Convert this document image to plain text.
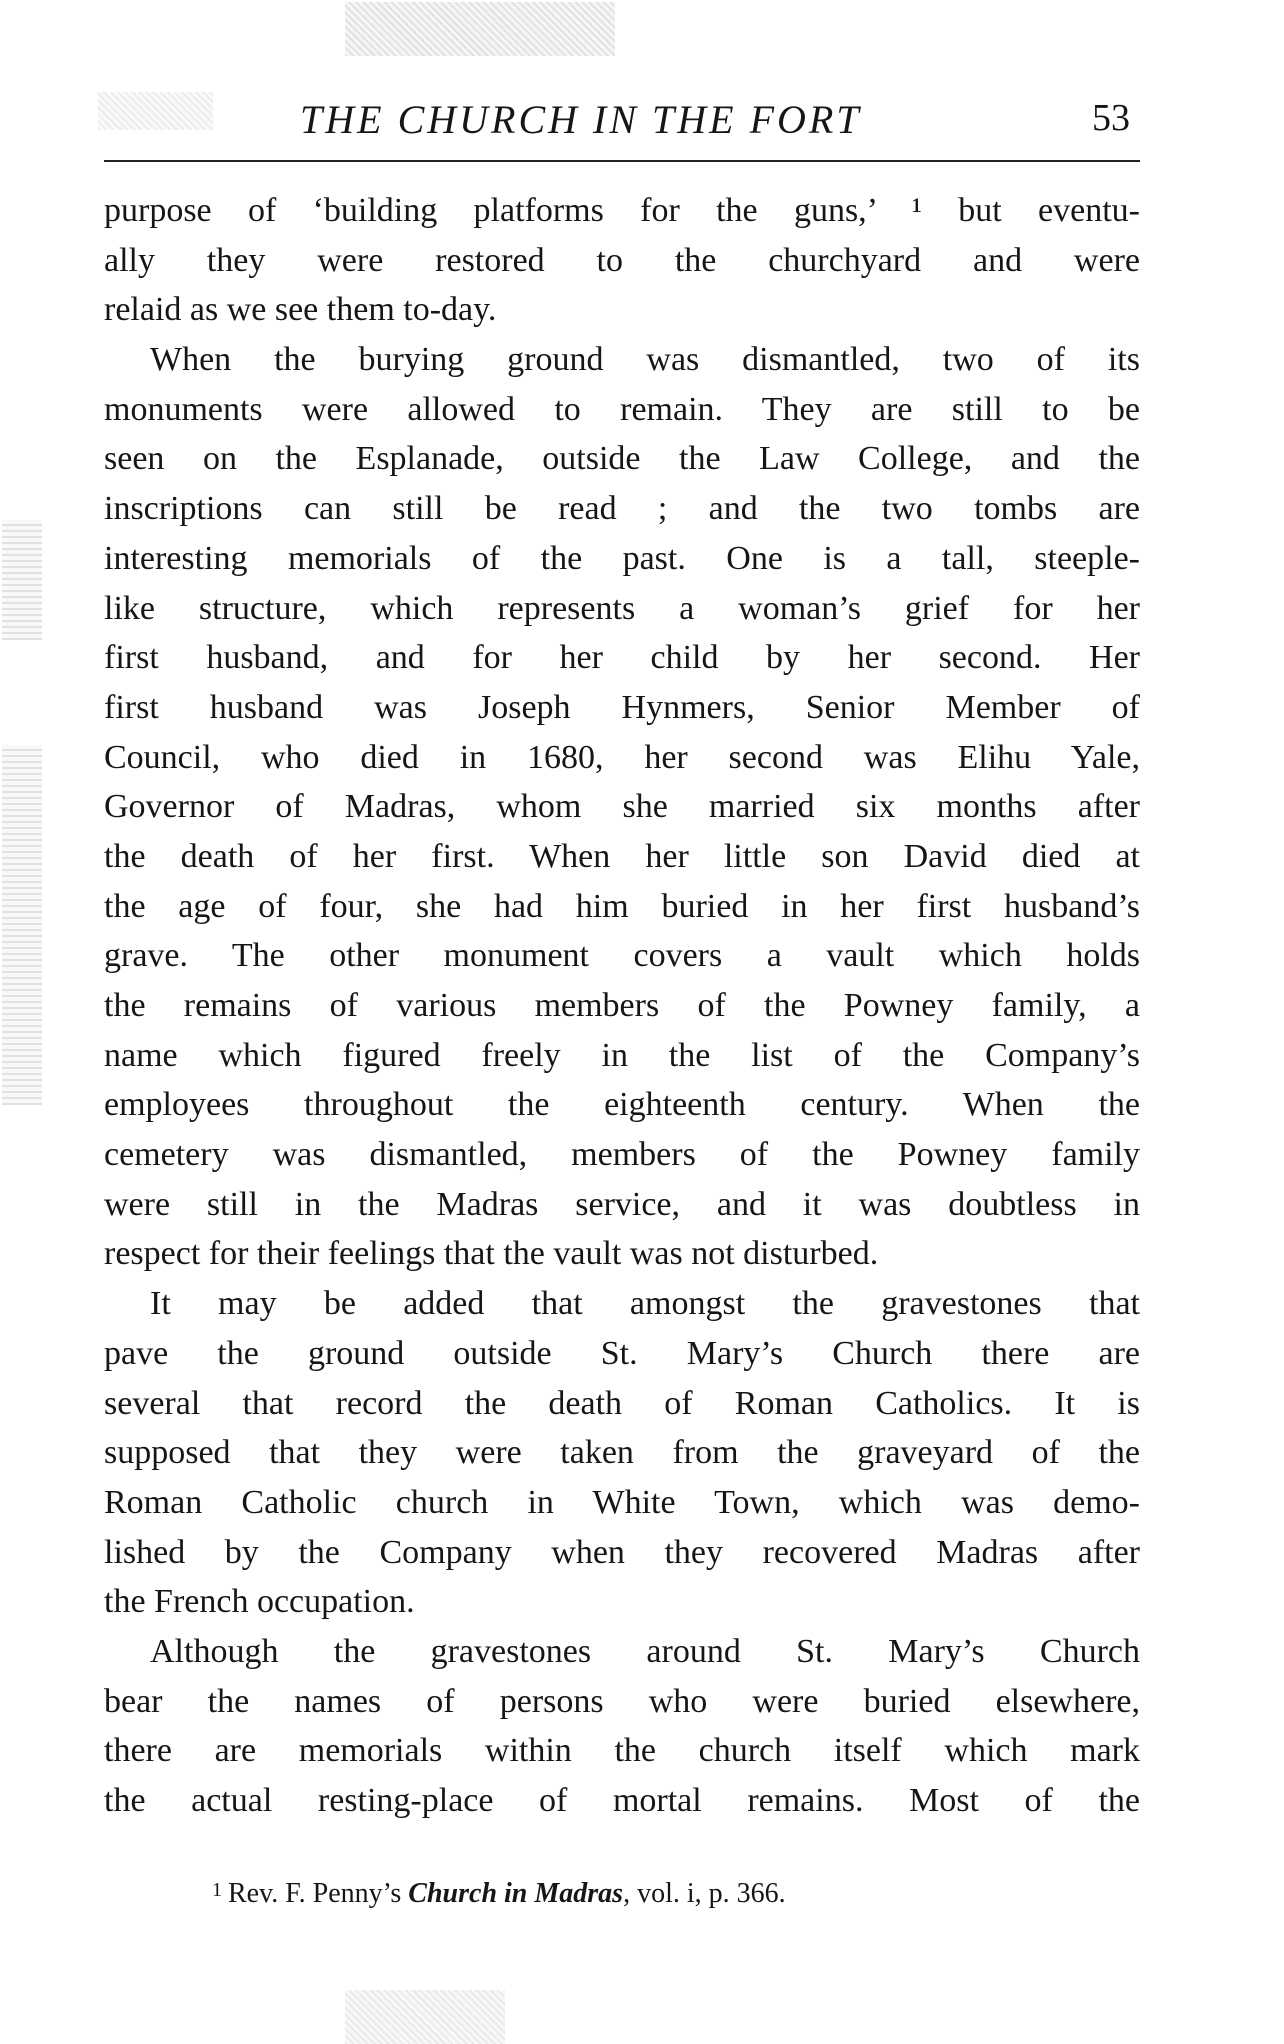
THE CHURCH IN THE FORT	53
purpose of ‘building platforms for the guns,’ ¹ but eventu-
ally they were restored to the churchyard and were
relaid as we see them to-day.
When the burying ground was dismantled, two of its
monuments were allowed to remain. They are still to be
seen on the Esplanade, outside the Law College, and the
inscriptions can still be read ; and the two tombs are
interesting memorials of the past. One is a tall, steeple-
like structure, which represents a woman’s grief for her
first husband, and for her child by her second. Her
first husband was Joseph Hynmers, Senior Member of
Council, who died in 1680, her second was Elihu Yale,
Governor of Madras, whom she married six months after
the death of her first. When her little son David died at
the age of four, she had him buried in her first husband’s
grave. The other monument covers a vault which holds
the remains of various members of the Powney family, a
name which figured freely in the list of the Company’s
employees throughout the eighteenth century. When the
cemetery was dismantled, members of the Powney family
were still in the Madras service, and it was doubtless in
respect for their feelings that the vault was not disturbed.
It may be added that amongst the gravestones that
pave the ground outside St. Mary’s Church there are
several that record the death of Roman Catholics. It is
supposed that they were taken from the graveyard of the
Roman Catholic church in White Town, which was demo-
lished by the Company when they recovered Madras after
the French occupation.
Although the gravestones around St. Mary’s Church
bear the names of persons who were buried elsewhere,
there are memorials within the church itself which mark
the actual resting-place of mortal remains. Most of the
$^1$ Rev. F. Penny’s Church in Madras, vol. i, p. 366.
